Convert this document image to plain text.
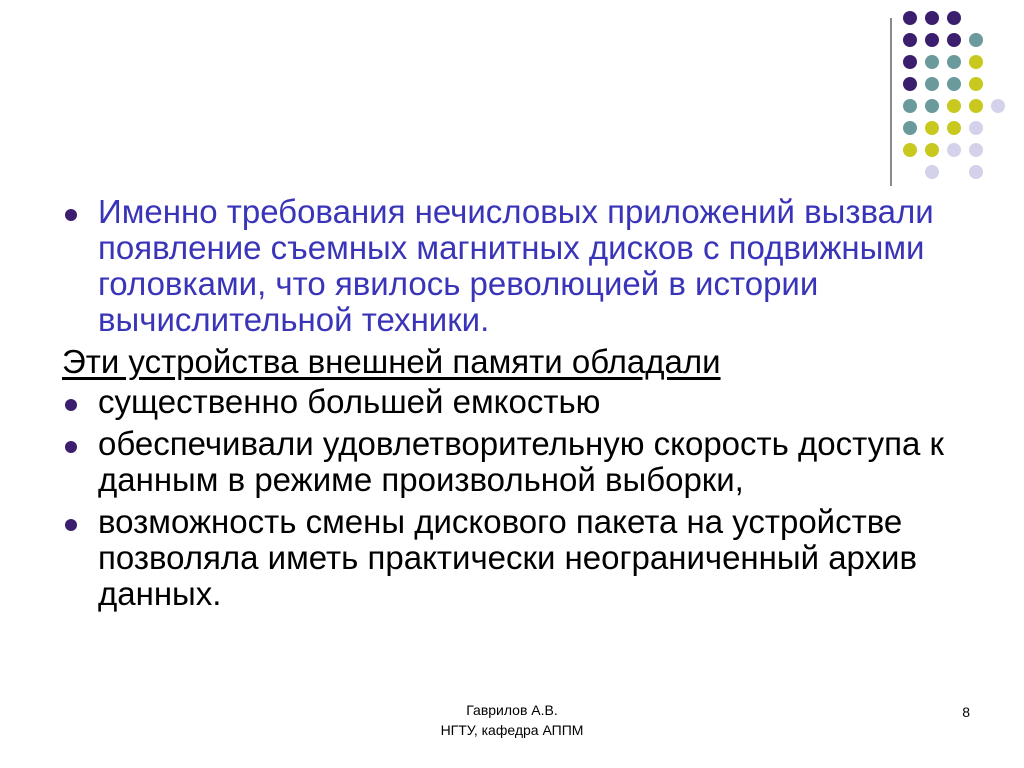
Именно требования нечисловых приложений вызвали появление съемных магнитных дисков с подвижными головками, что явилось революцией в истории вычислительной техники.
Эти устройства внешней памяти обладали
существенно большей емкостью
обеспечивали удовлетворительную скорость доступа к данным в режиме произвольной выборки,
возможность смены дискового пакета на устройстве позволяла иметь практически неограниченный архив данных.
Гаврилов А.В.
НГТУ, кафедра АППМ
8
